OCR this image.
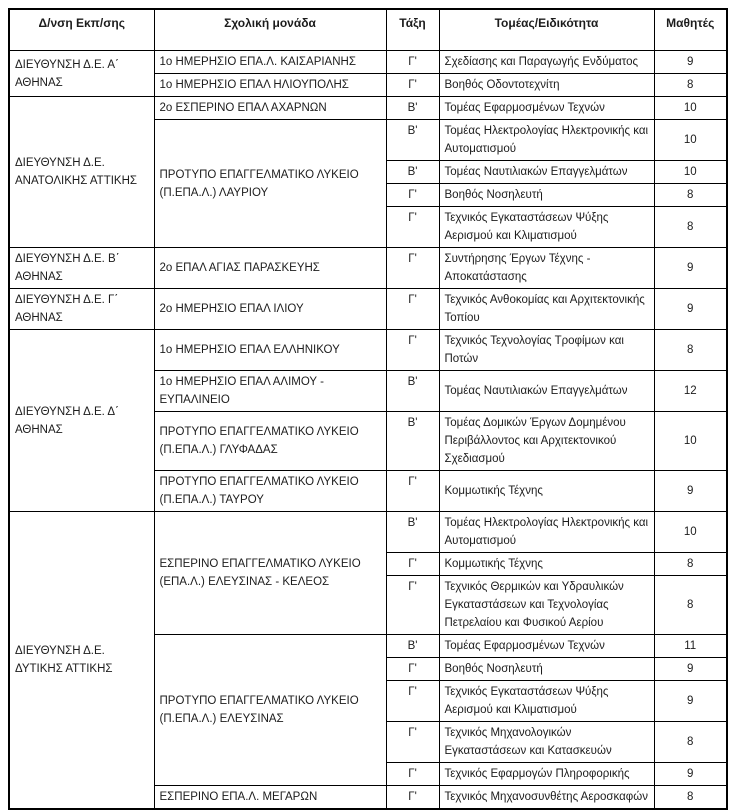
Δ/νση Εκπ/σης	Σχολική μονάδα	Τάξη	Τομέας/Ειδικότητα	Μαθητές
ΔΙΕΥΘΥΝΣΗ Δ.Ε. Α΄ ΑΘΗΝΑΣ	1ο ΗΜΕΡΗΣΙΟ ΕΠΑ.Λ. ΚΑΙΣΑΡΙΑΝΗΣ	Γ'	Σχεδίασης και Παραγωγής Ενδύματος	9
	1ο ΗΜΕΡΗΣΙΟ ΕΠΑΛ ΗΛΙΟΥΠΟΛΗΣ	Γ'	Βοηθός Οδοντοτεχνίτη	8
ΔΙΕΥΘΥΝΣΗ Δ.Ε. ΑΝΑΤΟΛΙΚΗΣ ΑΤΤΙΚΗΣ	2ο ΕΣΠΕΡΙΝΟ ΕΠΑΛ ΑΧΑΡΝΩΝ	Β'	Τομέας Εφαρμοσμένων Τεχνών	10
	ΠΡΟΤΥΠΟ ΕΠΑΓΓΕΛΜΑΤΙΚΟ ΛΥΚΕΙΟ (Π.ΕΠΑ.Λ.) ΛΑΥΡΙΟΥ	Β'	Τομέας Ηλεκτρολογίας Ηλεκτρονικής και Αυτοματισμού	10
		Β'	Τομέας Ναυτιλιακών Επαγγελμάτων	10
		Γ'	Βοηθός Νοσηλευτή	8
		Γ'	Τεχνικός Εγκαταστάσεων Ψύξης Αερισμού και Κλιματισμού	8
ΔΙΕΥΘΥΝΣΗ Δ.Ε. Β΄ ΑΘΗΝΑΣ	2ο ΕΠΑΛ ΑΓΙΑΣ ΠΑΡΑΣΚΕΥΗΣ	Γ'	Συντήρησης Έργων Τέχνης - Αποκατάστασης	9
ΔΙΕΥΘΥΝΣΗ Δ.Ε. Γ΄ ΑΘΗΝΑΣ	2ο ΗΜΕΡΗΣΙΟ ΕΠΑΛ ΙΛΙΟΥ	Γ'	Τεχνικός Ανθοκομίας και Αρχιτεκτονικής Τοπίου	9
ΔΙΕΥΘΥΝΣΗ Δ.Ε. Δ΄ ΑΘΗΝΑΣ	1ο ΗΜΕΡΗΣΙΟ ΕΠΑΛ ΕΛΛΗΝΙΚΟΥ	Γ'	Τεχνικός Τεχνολογίας Τροφίμων και Ποτών	8
	1ο ΗΜΕΡΗΣΙΟ ΕΠΑΛ ΑΛΙΜΟΥ - ΕΥΠΑΛΙΝΕΙΟ	Β'	Τομέας Ναυτιλιακών Επαγγελμάτων	12
	ΠΡΟΤΥΠΟ ΕΠΑΓΓΕΛΜΑΤΙΚΟ ΛΥΚΕΙΟ (Π.ΕΠΑ.Λ.) ΓΛΥΦΑΔΑΣ	Β'	Τομέας Δομικών Έργων Δομημένου Περιβάλλοντος και Αρχιτεκτονικού Σχεδιασμού	10
	ΠΡΟΤΥΠΟ ΕΠΑΓΓΕΛΜΑΤΙΚΟ ΛΥΚΕΙΟ (Π.ΕΠΑ.Λ.) ΤΑΥΡΟΥ	Γ'	Κομμωτικής Τέχνης	9
ΔΙΕΥΘΥΝΣΗ Δ.Ε. ΔΥΤΙΚΗΣ ΑΤΤΙΚΗΣ	ΕΣΠΕΡΙΝΟ ΕΠΑΓΓΕΛΜΑΤΙΚΟ ΛΥΚΕΙΟ (ΕΠΑ.Λ.) ΕΛΕΥΣΙΝΑΣ - ΚΕΛΕΟΣ	Β'	Τομέας Ηλεκτρολογίας Ηλεκτρονικής και Αυτοματισμού	10
		Γ'	Κομμωτικής Τέχνης	8
		Γ'	Τεχνικός Θερμικών και Υδραυλικών Εγκαταστάσεων και Τεχνολογίας Πετρελαίου και Φυσικού Αερίου	8
	ΠΡΟΤΥΠΟ ΕΠΑΓΓΕΛΜΑΤΙΚΟ ΛΥΚΕΙΟ (Π.ΕΠΑ.Λ.) ΕΛΕΥΣΙΝΑΣ	Β'	Τομέας Εφαρμοσμένων Τεχνών	11
		Γ'	Βοηθός Νοσηλευτή	9
		Γ'	Τεχνικός Εγκαταστάσεων Ψύξης Αερισμού και Κλιματισμού	9
		Γ'	Τεχνικός Μηχανολογικών Εγκαταστάσεων και Κατασκευών	8
		Γ'	Τεχνικός Εφαρμογών Πληροφορικής	9
	ΕΣΠΕΡΙΝΟ ΕΠΑ.Λ. ΜΕΓΑΡΩΝ	Γ'	Τεχνικός Μηχανοσυνθέτης Αεροσκαφών	8
